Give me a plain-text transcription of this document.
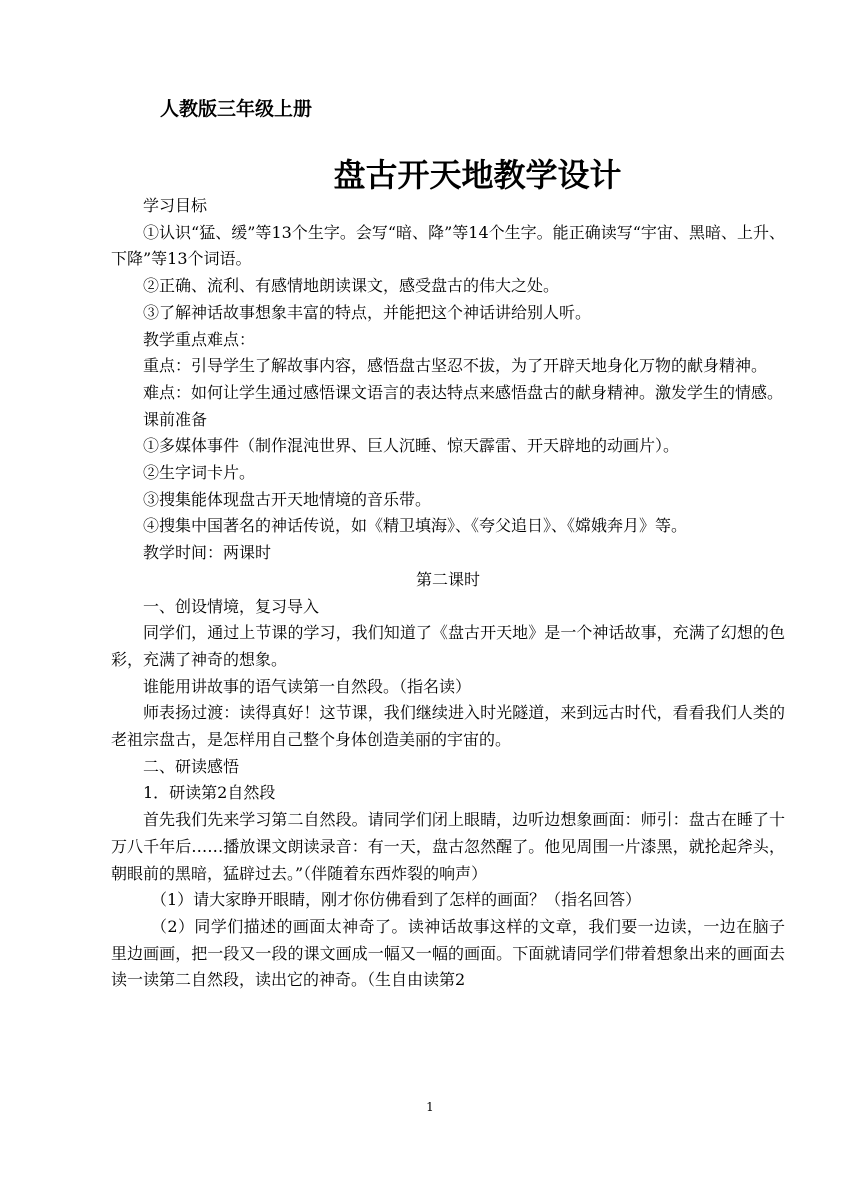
人教版三年级上册
盘古开天地教学设计

学习目标

①认识“猛、缓”等13个生字。会写“暗、降”等14个生字。能正确读写“宇宙、黑暗、上升、下降”等13个词语。

②正确、流利、有感情地朗读课文，感受盘古的伟大之处。

③了解神话故事想象丰富的特点，并能把这个神话讲给别人听。

教学重点难点：

重点：引导学生了解故事内容，感悟盘古坚忍不拔，为了开辟天地身化万物的献身精神。

难点：如何让学生通过感悟课文语言的表达特点来感悟盘古的献身精神。激发学生的情感。

课前准备

①多媒体事件（制作混沌世界、巨人沉睡、惊天霹雷、开天辟地的动画片）。

②生字词卡片。

③搜集能体现盘古开天地情境的音乐带。

④搜集中国著名的神话传说，如《精卫填海》、《夸父追日》、《嫦娥奔月》等。

教学时间：两课时

第二课时

一、创设情境，复习导入

同学们，通过上节课的学习，我们知道了《盘古开天地》是一个神话故事，充满了幻想的色彩，充满了神奇的想象。

谁能用讲故事的语气读第一自然段。（指名读）

师表扬过渡：读得真好！这节课，我们继续进入时光隧道，来到远古时代，看看我们人类的老祖宗盘古，是怎样用自己整个身体创造美丽的宇宙的。

二、研读感悟

1．研读第2自然段

首先我们先来学习第二自然段。请同学们闭上眼睛，边听边想象画面：师引：盘古在睡了十万八千年后……播放课文朗读录音：有一天，盘古忽然醒了。他见周围一片漆黑，就抡起斧头，朝眼前的黑暗，猛辟过去。”（伴随着东西炸裂的响声）

（1）请大家睁开眼睛，刚才你仿佛看到了怎样的画面？（指名回答）

（2）同学们描述的画面太神奇了。读神话故事这样的文章，我们要一边读，一边在脑子里边画画，把一段又一段的课文画成一幅又一幅的画面。下面就请同学们带着想象出来的画面去读一读第二自然段，读出它的神奇。（生自由读第2

1
